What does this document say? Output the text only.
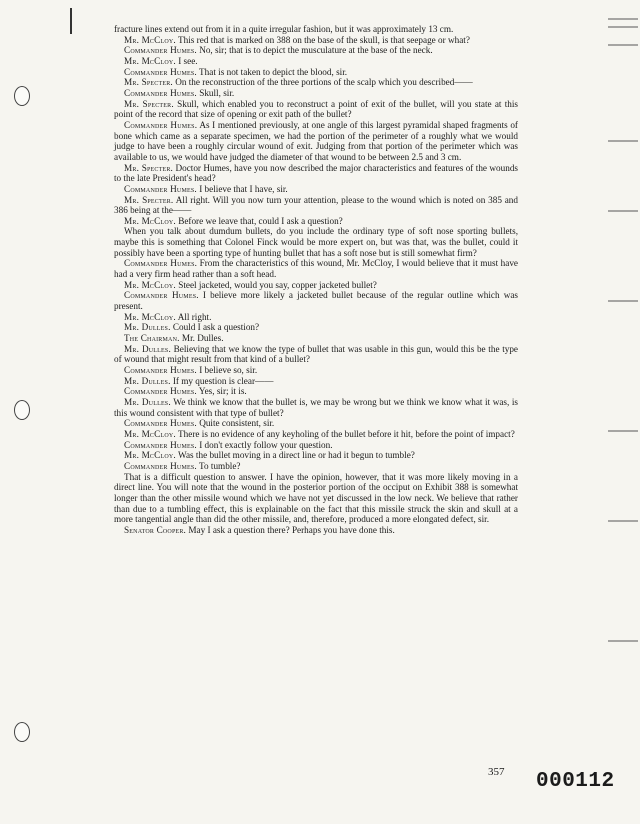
fracture lines extend out from it in a quite irregular fashion, but it was approximately 13 cm.

Mr. McCloy. This red that is marked on 388 on the base of the skull, is that seepage or what?

Commander Humes. No, sir; that is to depict the musculature at the base of the neck.

Mr. McCloy. I see.

Commander Humes. That is not taken to depict the blood, sir.

Mr. Specter. On the reconstruction of the three portions of the scalp which you described——

Commander Humes. Skull, sir.

Mr. Specter. Skull, which enabled you to reconstruct a point of exit of the bullet, will you state at this point of the record that size of opening or exit path of the bullet?

Commander Humes. As I mentioned previously, at one angle of this largest pyramidal shaped fragments of bone which came as a separate specimen, we had the portion of the perimeter of a roughly what we would judge to have been a roughly circular wound of exit. Judging from that portion of the perimeter which was available to us, we would have judged the diameter of that wound to be between 2.5 and 3 cm.

Mr. Specter. Doctor Humes, have you now described the major characteristics and features of the wounds to the late President's head?

Commander Humes. I believe that I have, sir.

Mr. Specter. All right. Will you now turn your attention, please to the wound which is noted on 385 and 386 being at the——

Mr. McCloy. Before we leave that, could I ask a question?

When you talk about dumdum bullets, do you include the ordinary type of soft nose sporting bullets, maybe this is something that Colonel Finck would be more expert on, but was that, was the bullet, could it possibly have been a sporting type of hunting bullet that has a soft nose but is still somewhat firm?

Commander Humes. From the characteristics of this wound, Mr. McCloy, I would believe that it must have had a very firm head rather than a soft head.

Mr. McCloy. Steel jacketed, would you say, copper jacketed bullet?

Commander Humes. I believe more likely a jacketed bullet because of the regular outline which was present.

Mr. McCloy. All right.

Mr. Dulles. Could I ask a question?

The Chairman. Mr. Dulles.

Mr. Dulles. Believing that we know the type of bullet that was usable in this gun, would this be the type of wound that might result from that kind of a bullet?

Commander Humes. I believe so, sir.

Mr. Dulles. If my question is clear——

Commander Humes. Yes, sir; it is.

Mr. Dulles. We think we know that the bullet is, we may be wrong but we think we know what it was, is this wound consistent with that type of bullet?

Commander Humes. Quite consistent, sir.

Mr. McCloy. There is no evidence of any keyholing of the bullet before it hit, before the point of impact?

Commander Humes. I don't exactly follow your question.

Mr. McCloy. Was the bullet moving in a direct line or had it begun to tumble?

Commander Humes. To tumble?

That is a difficult question to answer. I have the opinion, however, that it was more likely moving in a direct line. You will note that the wound in the posterior portion of the occiput on Exhibit 388 is somewhat longer than the other missile wound which we have not yet discussed in the low neck. We believe that rather than due to a tumbling effect, this is explainable on the fact that this missile struck the skin and skull at a more tangential angle than did the other missile, and, therefore, produced a more elongated defect, sir.

Senator Cooper. May I ask a question there? Perhaps you have done this.

357 000112
